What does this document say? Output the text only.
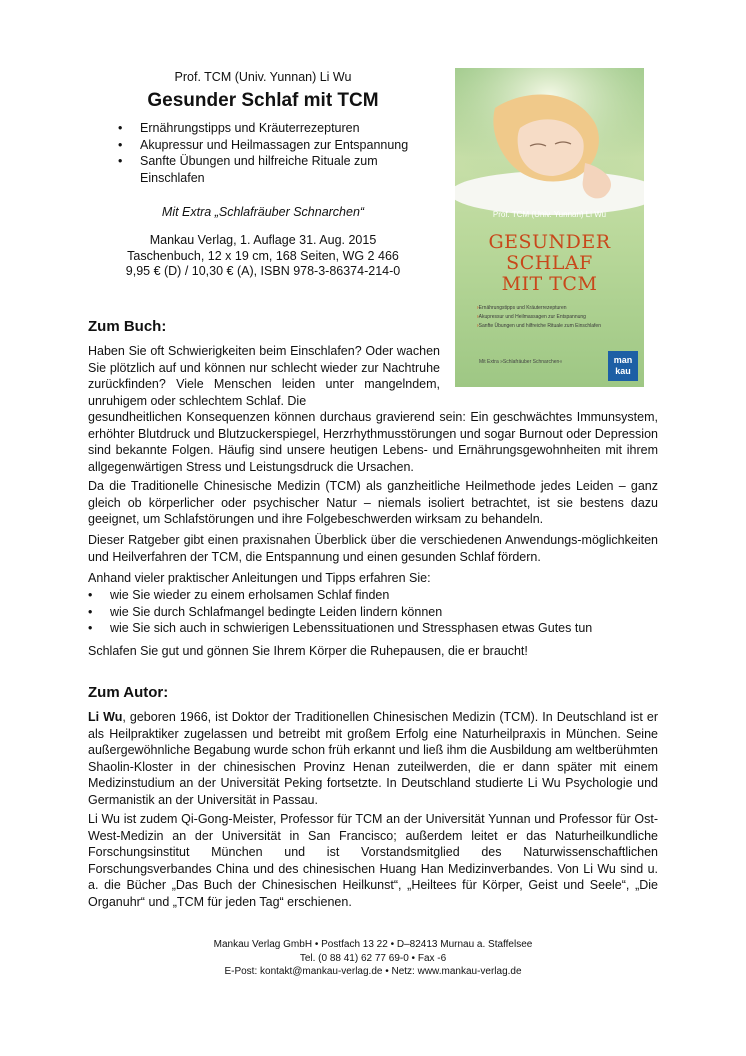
Prof. TCM (Univ. Yunnan) Li Wu
Gesunder Schlaf mit TCM
• Ernährungstipps und Kräuterrezepturen
• Akupressur und Heilmassagen zur Entspannung
• Sanfte Übungen und hilfreiche Rituale zum
Einschlafen
Mit Extra „Schlafräuber Schnarchen“
Mankau Verlag, 1. Auflage 31. Aug. 2015
Taschenbuch, 12 x 19 cm, 168 Seiten, WG 2 466
9,95 € (D) / 10,30 € (A), ISBN 978-3-86374-214-0
Prof. TCM (Univ. Yunnan) Li Wu
GESUNDER
SCHLAF
MIT TCM
› Ernährungstipps und Kräuterrezepturen
› Akupressur und Heilmassagen zur Entspannung
› Sanfte Übungen und hilfreiche Rituale zum Einschlafen
Mit Extra »Schlafräuber Schnarchen«	man
kau
Zum Buch:

Haben Sie oft Schwierigkeiten beim Einschlafen? Oder wachen Sie plötzlich auf und können nur schlecht wieder zur Nachtruhe zurückfinden? Viele Menschen leiden unter mangelndem, unruhigem oder schlechtem Schlaf. Die

gesundheitlichen Konsequenzen können durchaus gravierend sein: Ein geschwächtes Immunsystem, erhöhter Blutdruck und Blutzuckerspiegel, Herzrhythmusstörungen und sogar Burnout oder Depression sind bekannte Folgen. Häufig sind unsere heutigen Lebens- und Ernährungsgewohnheiten mit ihrem allgegenwärtigen Stress und Leistungsdruck die Ursachen.

Da die Traditionelle Chinesische Medizin (TCM) als ganzheitliche Heilmethode jedes Leiden – ganz gleich ob körperlicher oder psychischer Natur – niemals isoliert betrachtet, ist sie bestens dazu geeignet, um Schlafstörungen und ihre Folgebeschwerden wirksam zu behandeln.

Dieser Ratgeber gibt einen praxisnahen Überblick über die verschiedenen Anwendungs-möglichkeiten und Heilverfahren der TCM, die Entspannung und einen gesunden Schlaf fördern.

Anhand vieler praktischer Anleitungen und Tipps erfahren Sie:

• wie Sie wieder zu einem erholsamen Schlaf finden
• wie Sie durch Schlafmangel bedingte Leiden lindern können
• wie Sie sich auch in schwierigen Lebenssituationen und Stressphasen etwas Gutes tun

Schlafen Sie gut und gönnen Sie Ihrem Körper die Ruhepausen, die er braucht!

Zum Autor:

Li Wu, geboren 1966, ist Doktor der Traditionellen Chinesischen Medizin (TCM). In Deutschland ist er als Heilpraktiker zugelassen und betreibt mit großem Erfolg eine Naturheilpraxis in München. Seine außergewöhnliche Begabung wurde schon früh erkannt und ließ ihm die Ausbildung am weltberühmten Shaolin-Kloster in der chinesischen Provinz Henan zuteilwerden, die er dann später mit einem Medizinstudium an der Universität Peking fortsetzte. In Deutschland studierte Li Wu Psychologie und Germanistik an der Universität in Passau.

Li Wu ist zudem Qi-Gong-Meister, Professor für TCM an der Universität Yunnan und Professor für Ost-West-Medizin an der Universität in San Francisco; außerdem leitet er das Naturheilkundliche Forschungsinstitut München und ist Vorstandsmitglied des Naturwissenschaftlichen Forschungsverbandes China und des chinesischen Huang Han Medizinverbandes. Von Li Wu sind u. a. die Bücher „Das Buch der Chinesischen Heilkunst“, „Heiltees für Körper, Geist und Seele“, „Die Organuhr“ und „TCM für jeden Tag“ erschienen.

Mankau Verlag GmbH • Postfach 13 22 • D–82413 Murnau a. Staffelsee
Tel. (0 88 41) 62 77 69-0 • Fax -6
E-Post: kontakt@mankau-verlag.de • Netz: www.mankau-verlag.de
